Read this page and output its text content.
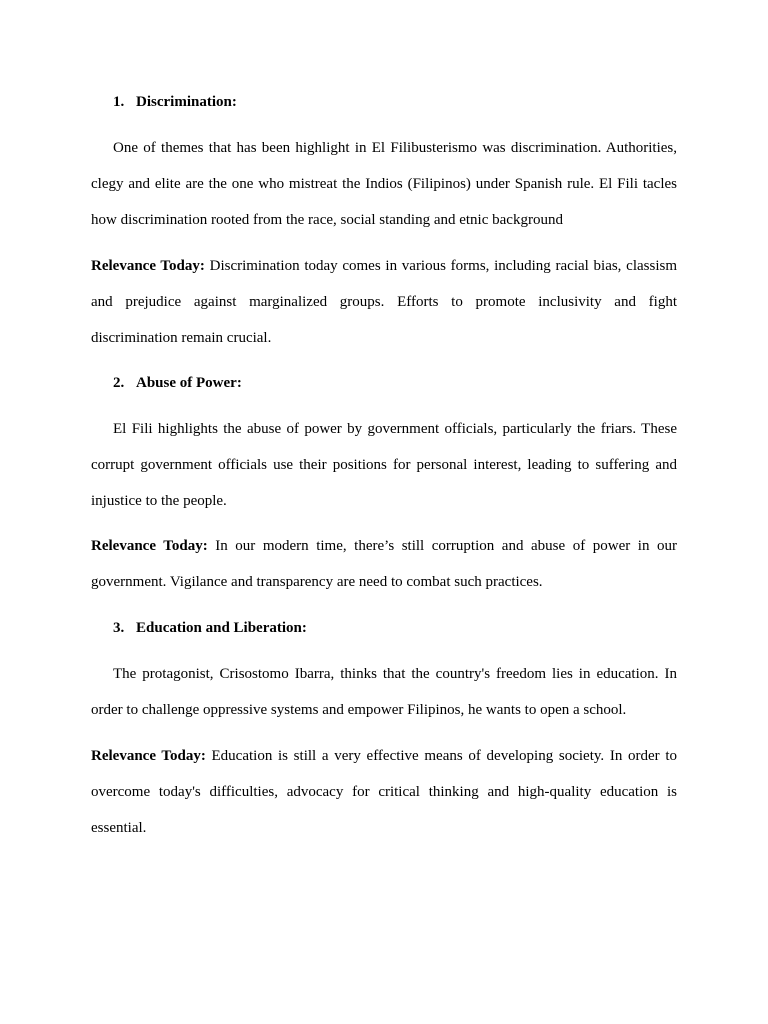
1. Discrimination:

One of themes that has been highlight in El Filibusterismo was discrimination. Authorities, clegy and elite are the one who mistreat the Indios (Filipinos) under Spanish rule. El Fili tacles how discrimination rooted from the race, social standing and etnic background

Relevance Today: Discrimination today comes in various forms, including racial bias, classism and prejudice against marginalized groups. Efforts to promote inclusivity and fight discrimination remain crucial.

2. Abuse of Power:

El Fili highlights the abuse of power by government officials, particularly the friars. These corrupt government officials use their positions for personal interest, leading to suffering and injustice to the people.

Relevance Today: In our modern time, there’s still corruption and abuse of power in our government. Vigilance and transparency are need to combat such practices.

3. Education and Liberation:

The protagonist, Crisostomo Ibarra, thinks that the country's freedom lies in education. In order to challenge oppressive systems and empower Filipinos, he wants to open a school.

Relevance Today: Education is still a very effective means of developing society. In order to overcome today's difficulties, advocacy for critical thinking and high-quality education is essential.
